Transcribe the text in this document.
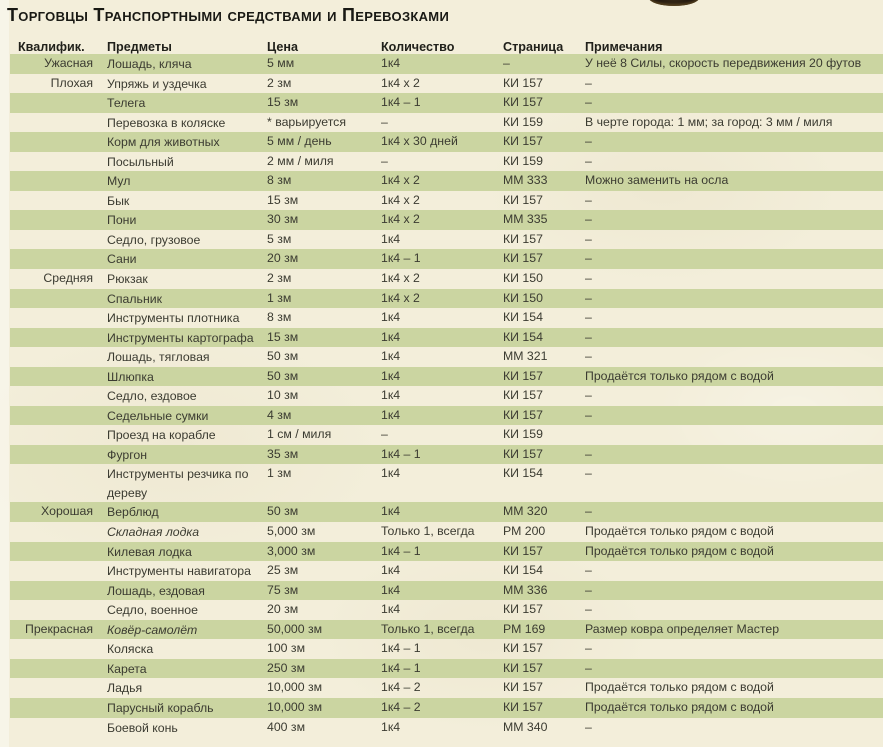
Торговцы Транспортными средствами и Перевозками
Квалифик.	Предметы	Цена	Количество	Страница	Примечания
Ужасная	Лошадь, кляча	5 мм	1к4	–	У неё 8 Силы, скорость передвижения 20 футов
Плохая	Упряжь и уздечка	2 зм	1к4 х 2	КИ 157	–
	Телега	15 зм	1к4 – 1	КИ 157	–
	Перевозка в коляске	* варьируется	–	КИ 159	В черте города: 1 мм; за город: 3 мм / миля
	Корм для животных	5 мм / день	1к4 х 30 дней	КИ 157	–
	Посыльный	2 мм / миля	–	КИ 159	–
	Мул	8 зм	1к4 х 2	ММ 333	Можно заменить на осла
	Бык	15 зм	1к4 х 2	КИ 157	–
	Пони	30 зм	1к4 х 2	ММ 335	–
	Седло, грузовое	5 зм	1к4	КИ 157	–
	Сани	20 зм	1к4 – 1	КИ 157	–
Средняя	Рюкзак	2 зм	1к4 х 2	КИ 150	–
	Спальник	1 зм	1к4 х 2	КИ 150	–
	Инструменты плотника	8 зм	1к4	КИ 154	–
	Инструменты картографа	15 зм	1к4	КИ 154	–
	Лошадь, тягловая	50 зм	1к4	ММ 321	–
	Шлюпка	50 зм	1к4	КИ 157	Продаётся только рядом с водой
	Седло, ездовое	10 зм	1к4	КИ 157	–
	Седельные сумки	4 зм	1к4	КИ 157	–
	Проезд на корабле	1 см / миля	–	КИ 159	
	Фургон	35 зм	1к4 – 1	КИ 157	–
	Инструменты резчика по дереву	1 зм	1к4	КИ 154	–
Хорошая	Верблюд	50 зм	1к4	ММ 320	–
	Складная лодка	5,000 зм	Только 1, всегда	РМ 200	Продаётся только рядом с водой
	Килевая лодка	3,000 зм	1к4 – 1	КИ 157	Продаётся только рядом с водой
	Инструменты навигатора	25 зм	1к4	КИ 154	–
	Лошадь, ездовая	75 зм	1к4	ММ 336	–
	Седло, военное	20 зм	1к4	КИ 157	–
Прекрасная	Ковёр-самолёт	50,000 зм	Только 1, всегда	РМ 169	Размер ковра определяет Мастер
	Коляска	100 зм	1к4 – 1	КИ 157	–
	Карета	250 зм	1к4 – 1	КИ 157	–
	Ладья	10,000 зм	1к4 – 2	КИ 157	Продаётся только рядом с водой
	Парусный корабль	10,000 зм	1к4 – 2	КИ 157	Продаётся только рядом с водой
	Боевой конь	400 зм	1к4	ММ 340	–
